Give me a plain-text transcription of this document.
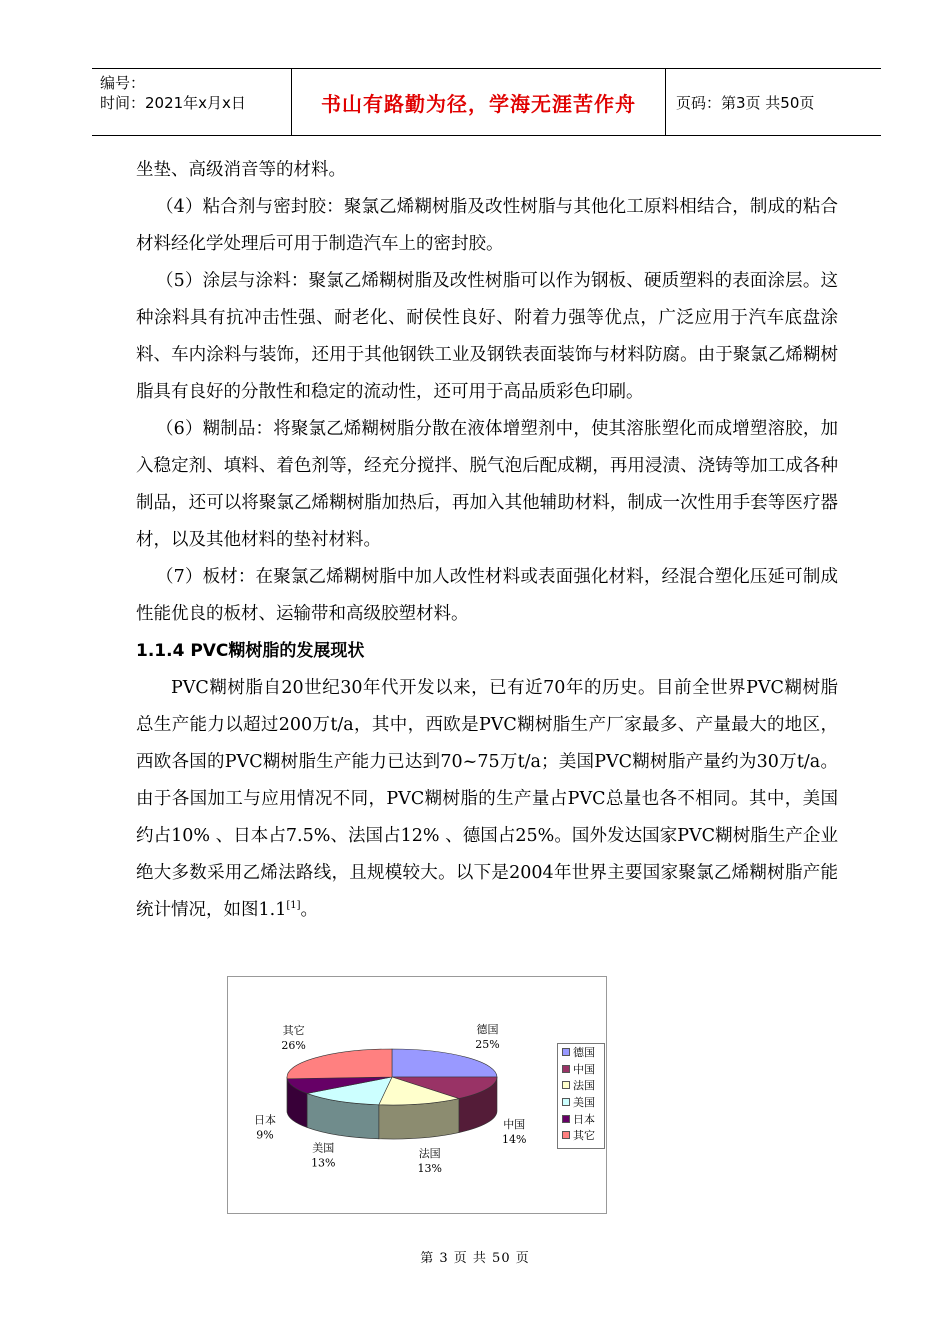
编号：
时间：2021年x月x日	书山有路勤为径，学海无涯苦作舟	页码：第3页 共50页

坐垫、高级消音等的材料。

（4）粘合剂与密封胶：聚氯乙烯糊树脂及改性树脂与其他化工原料相结合，制成的粘合材料经化学处理后可用于制造汽车上的密封胶。

（5）涂层与涂料：聚氯乙烯糊树脂及改性树脂可以作为钢板、硬质塑料的表面涂层。这种涂料具有抗冲击性强、耐老化、耐侯性良好、附着力强等优点，广泛应用于汽车底盘涂料、车内涂料与装饰，还用于其他钢铁工业及钢铁表面装饰与材料防腐。由于聚氯乙烯糊树脂具有良好的分散性和稳定的流动性，还可用于高品质彩色印刷。

（6）糊制品：将聚氯乙烯糊树脂分散在液体增塑剂中，使其溶胀塑化而成增塑溶胶，加入稳定剂、填料、着色剂等，经充分搅拌、脱气泡后配成糊，再用浸渍、浇铸等加工成各种制品，还可以将聚氯乙烯糊树脂加热后，再加入其他辅助材料，制成一次性用手套等医疗器材，以及其他材料的垫衬材料。

（7）板材：在聚氯乙烯糊树脂中加人改性材料或表面强化材料，经混合塑化压延可制成性能优良的板材、运输带和高级胶塑材料。

1.1.4 PVC糊树脂的发展现状

PVC糊树脂自20世纪30年代开发以来，已有近70年的历史。目前全世界PVC糊树脂总生产能力以超过200万t/a，其中，西欧是PVC糊树脂生产厂家最多、产量最大的地区，西欧各国的PVC糊树脂生产能力已达到70~75万t/a；美国PVC糊树脂产量约为30万t/a。由于各国加工与应用情况不同，PVC糊树脂的生产量占PVC总量也各不相同。其中，美国约占10% 、日本占7.5%、法国占12% 、德国占25%。国外发达国家PVC糊树脂生产企业绝大多数采用乙烯法路线，且规模较大。以下是2004年世界主要国家聚氯乙烯糊树脂产能统计情况，如图1.1[1]。

德国
25%
中国
14%
法国
13%
美国
13%
日本
9%
其它
26%
德国
中国
法国
美国
日本
其它
第 3 页 共 50 页
